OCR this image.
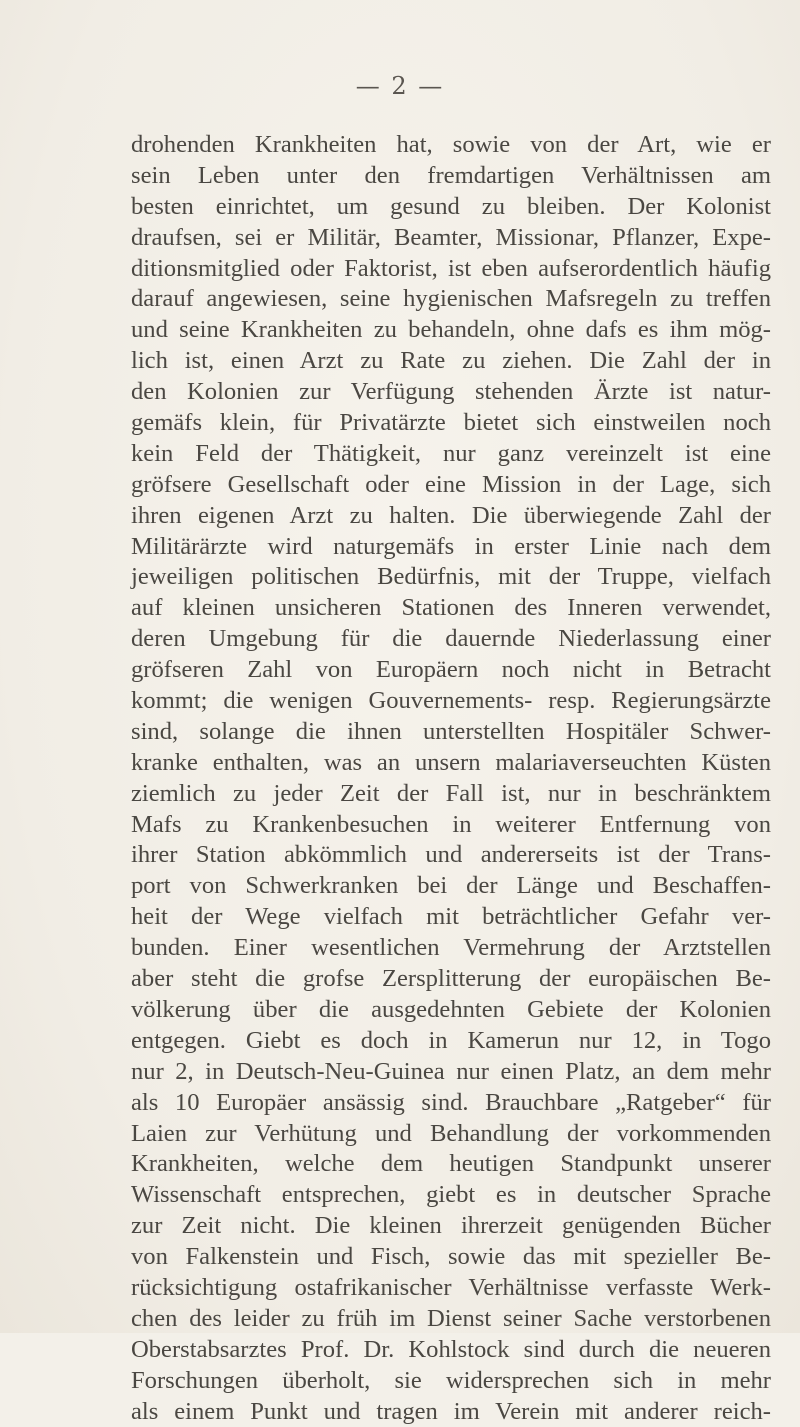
— 2 —

drohenden Krankheiten hat, sowie von der Art, wie er
sein Leben unter den fremdartigen Verhältnissen am
besten einrichtet, um gesund zu bleiben. Der Kolonist
draufsen, sei er Militär, Beamter, Missionar, Pflanzer, Expe-
ditionsmitglied oder Faktorist, ist eben aufserordentlich häufig
darauf angewiesen, seine hygienischen Mafsregeln zu treffen
und seine Krankheiten zu behandeln, ohne dafs es ihm mög-
lich ist, einen Arzt zu Rate zu ziehen. Die Zahl der in
den Kolonien zur Verfügung stehenden Ärzte ist natur-
gemäfs klein, für Privatärzte bietet sich einstweilen noch
kein Feld der Thätigkeit, nur ganz vereinzelt ist eine
gröfsere Gesellschaft oder eine Mission in der Lage, sich
ihren eigenen Arzt zu halten. Die überwiegende Zahl der
Militärärzte wird naturgemäfs in erster Linie nach dem
jeweiligen politischen Bedürfnis, mit der Truppe, vielfach
auf kleinen unsicheren Stationen des Inneren verwendet,
deren Umgebung für die dauernde Niederlassung einer
gröfseren Zahl von Europäern noch nicht in Betracht
kommt; die wenigen Gouvernements- resp. Regierungsärzte
sind, solange die ihnen unterstellten Hospitäler Schwer-
kranke enthalten, was an unsern malariaverseuchten Küsten
ziemlich zu jeder Zeit der Fall ist, nur in beschränktem
Mafs zu Krankenbesuchen in weiterer Entfernung von
ihrer Station abkömmlich und andererseits ist der Trans-
port von Schwerkranken bei der Länge und Beschaffen-
heit der Wege vielfach mit beträchtlicher Gefahr ver-
bunden. Einer wesentlichen Vermehrung der Arztstellen
aber steht die grofse Zersplitterung der europäischen Be-
völkerung über die ausgedehnten Gebiete der Kolonien
entgegen. Giebt es doch in Kamerun nur 12, in Togo
nur 2, in Deutsch-Neu-Guinea nur einen Platz, an dem mehr
als 10 Europäer ansässig sind. Brauchbare „Ratgeber“ für
Laien zur Verhütung und Behandlung der vorkommenden
Krankheiten, welche dem heutigen Standpunkt unserer
Wissenschaft entsprechen, giebt es in deutscher Sprache
zur Zeit nicht. Die kleinen ihrerzeit genügenden Bücher
von Falkenstein und Fisch, sowie das mit spezieller Be-
rücksichtigung ostafrikanischer Verhältnisse verfasste Werk-
chen des leider zu früh im Dienst seiner Sache verstorbenen
Oberstabsarztes Prof. Dr. Kohlstock sind durch die neueren
Forschungen überholt, sie widersprechen sich in mehr
als einem Punkt und tragen im Verein mit anderer reich-
